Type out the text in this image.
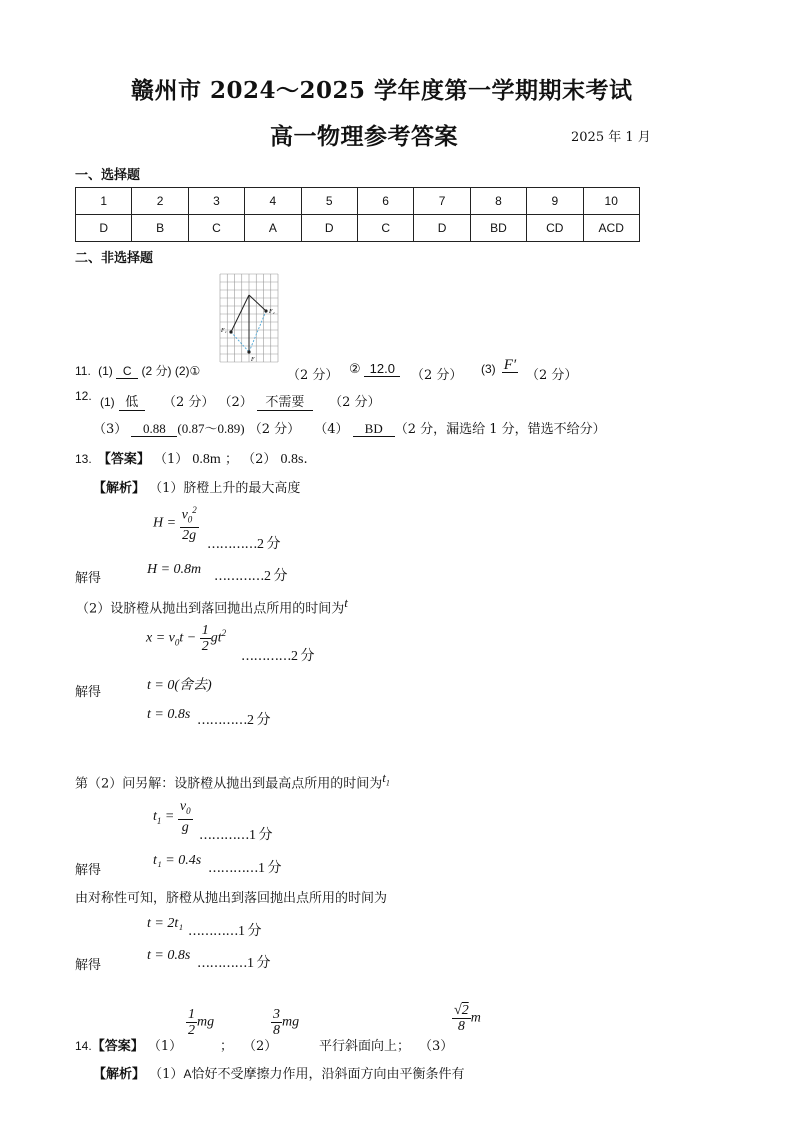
赣州市 2024～2025 学年度第一学期期末考试
高一物理参考答案	2025 年 1 月
一、选择题
1	2	3	4	5	6	7	8	9	10
D	B	C	A	D	C	D	BD	CD	ACD
二、非选择题
F₁
F₂
F
11. (1) C (2 分) (2)①	（2 分） ② 12.0	（2 分） (3) F′
（2 分）
12. (1) 低 （2 分） （2） 不需要 （2 分）
（3） 0.88 (0.87～0.89) （2 分） （4） BD （2 分，漏选给 1 分，错选不给分）
13. 【答案】 （1） 0.8m ； （2） 0.8s.
【解析】 （1）脐橙上升的最大高度
$H = \frac{v_0^2}{2g}$
…………2 分
解得
H = 0.8m …………2 分
（2）设脐橙从抛出到落回抛出点所用的时间为$^t$
$x = v_0t - \frac{1}{2} gt^2$
…………2 分
解得	t = 0(舍去)
t = 0.8s …………2 分
第（2）问另解：设脐橙从抛出到最高点所用的时间为$^{t_1}$
$t_1 = \frac{v_0}{g}$
…………1 分
解得
t₁ = 0.4s
…………1 分
由对称性可知，脐橙从抛出到落回抛出点所用的时间为
t = 2t₁
…………1 分
解得
t = 0.8s
…………1 分
14.【答案】 （1）
$\frac{1}{2}$ mg
； （2）
$\frac{3}{8}$ mg
平行斜面向上； （3）
$\frac{√2}{8}$ m
【解析】 （1）A恰好不受摩擦力作用，沿斜面方向由平衡条件有
